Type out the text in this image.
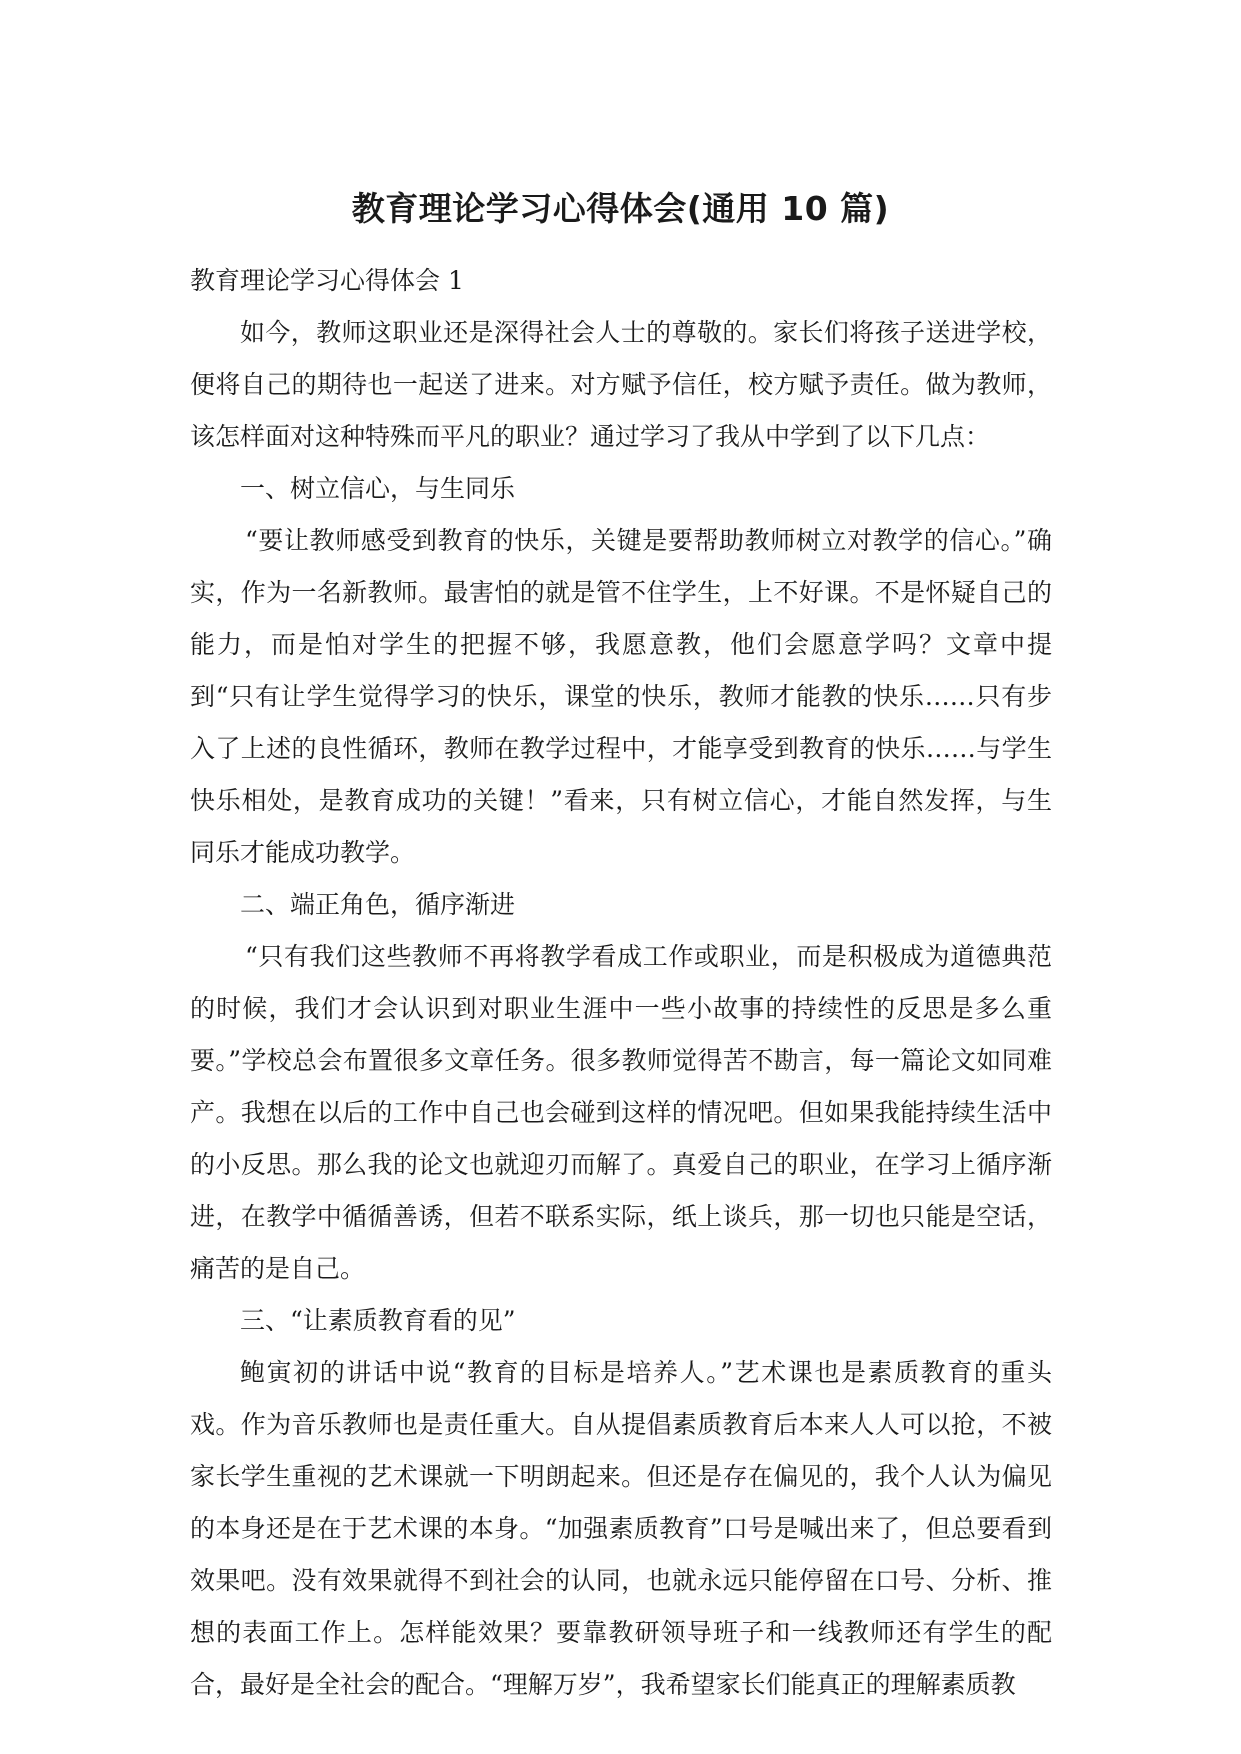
教育理论学习心得体会(通用 10 篇)

教育理论学习心得体会 1

如今，教师这职业还是深得社会人士的尊敬的。家长们将孩子送进学校，便将自己的期待也一起送了进来。对方赋予信任，校方赋予责任。做为教师，该怎样面对这种特殊而平凡的职业？通过学习了我从中学到了以下几点：

一、树立信心，与生同乐

“要让教师感受到教育的快乐，关键是要帮助教师树立对教学的信心。”确实，作为一名新教师。最害怕的就是管不住学生，上不好课。不是怀疑自己的能力，而是怕对学生的把握不够，我愿意教，他们会愿意学吗？文章中提到“只有让学生觉得学习的快乐，课堂的快乐，教师才能教的快乐……只有步入了上述的良性循环，教师在教学过程中，才能享受到教育的快乐……与学生快乐相处，是教育成功的关键！”看来，只有树立信心，才能自然发挥，与生同乐才能成功教学。

二、端正角色，循序渐进

“只有我们这些教师不再将教学看成工作或职业，而是积极成为道德典范的时候，我们才会认识到对职业生涯中一些小故事的持续性的反思是多么重要。”学校总会布置很多文章任务。很多教师觉得苦不勘言，每一篇论文如同难产。我想在以后的工作中自己也会碰到这样的情况吧。但如果我能持续生活中的小反思。那么我的论文也就迎刃而解了。真爱自己的职业，在学习上循序渐进，在教学中循循善诱，但若不联系实际，纸上谈兵，那一切也只能是空话，痛苦的是自己。

三、“让素质教育看的见”

鲍寅初的讲话中说“教育的目标是培养人。”艺术课也是素质教育的重头戏。作为音乐教师也是责任重大。自从提倡素质教育后本来人人可以抢，不被家长学生重视的艺术课就一下明朗起来。但还是存在偏见的，我个人认为偏见的本身还是在于艺术课的本身。“加强素质教育”口号是喊出来了，但总要看到效果吧。没有效果就得不到社会的认同，也就永远只能停留在口号、分析、推想的表面工作上。怎样能效果？要靠教研领导班子和一线教师还有学生的配合，最好是全社会的配合。“理解万岁”，我希望家长们能真正的理解素质教
